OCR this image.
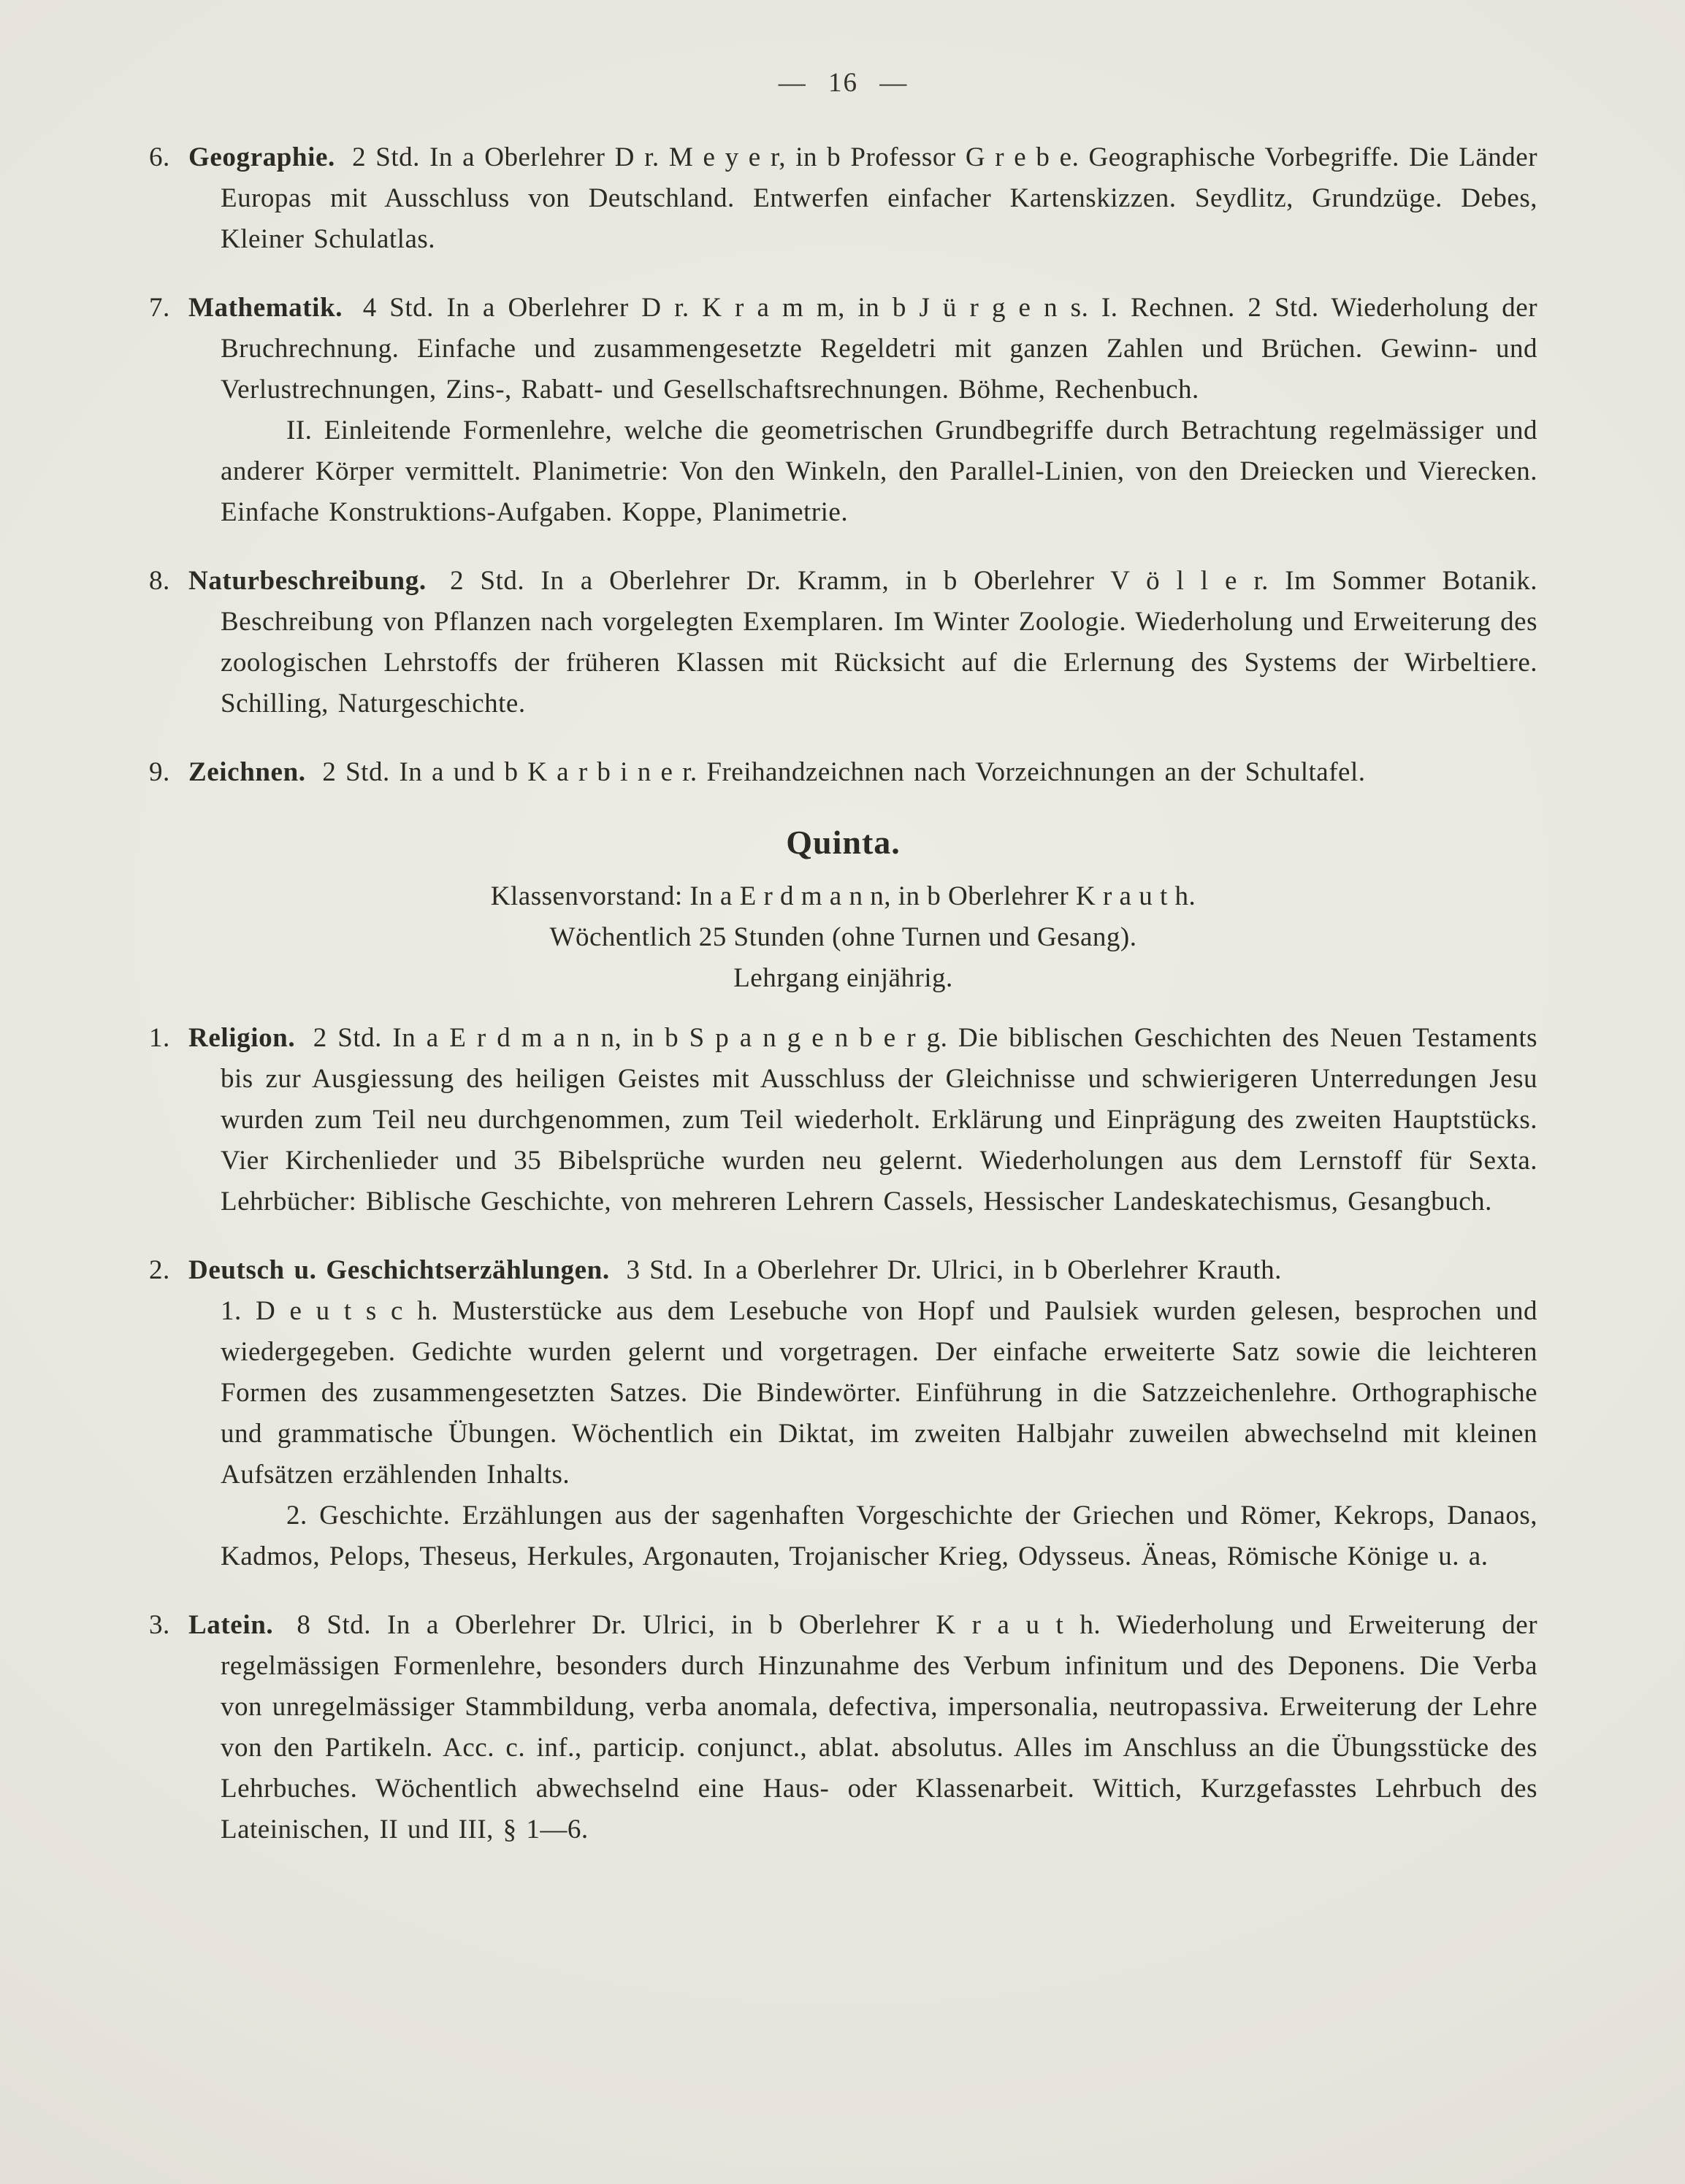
— 16 —

6. Geographie. 2 Std. In a Oberlehrer D r. M e y e r, in b Professor G r e b e. Geographische Vorbegriffe. Die Länder Europas mit Ausschluss von Deutschland. Entwerfen einfacher Kartenskizzen. Seydlitz, Grundzüge. Debes, Kleiner Schulatlas.

7. Mathematik. 4 Std. In a Oberlehrer D r. K r a m m, in b J ü r g e n s. I. Rechnen. 2 Std. Wiederholung der Bruchrechnung. Einfache und zusammengesetzte Regeldetri mit ganzen Zahlen und Brüchen. Gewinn- und Verlustrechnungen, Zins-, Rabatt- und Gesellschaftsrechnungen. Böhme, Rechenbuch.

II. Einleitende Formenlehre, welche die geometrischen Grundbegriffe durch Betrachtung regelmässiger und anderer Körper vermittelt. Planimetrie: Von den Winkeln, den Parallel-Linien, von den Dreiecken und Vierecken. Einfache Konstruktions-Aufgaben. Koppe, Planimetrie.

8. Naturbeschreibung. 2 Std. In a Oberlehrer Dr. Kramm, in b Oberlehrer V ö l l e r. Im Sommer Botanik. Beschreibung von Pflanzen nach vorgelegten Exemplaren. Im Winter Zoologie. Wiederholung und Erweiterung des zoologischen Lehrstoffs der früheren Klassen mit Rücksicht auf die Erlernung des Systems der Wirbeltiere. Schilling, Naturgeschichte.

9. Zeichnen. 2 Std. In a und b K a r b i n e r. Freihandzeichnen nach Vorzeichnungen an der Schultafel.

Quinta.

Klassenvorstand: In a E r d m a n n, in b Oberlehrer K r a u t h.

Wöchentlich 25 Stunden (ohne Turnen und Gesang).

Lehrgang einjährig.

1. Religion. 2 Std. In a E r d m a n n, in b S p a n g e n b e r g. Die biblischen Geschichten des Neuen Testaments bis zur Ausgiessung des heiligen Geistes mit Ausschluss der Gleichnisse und schwierigeren Unterredungen Jesu wurden zum Teil neu durchgenommen, zum Teil wiederholt. Erklärung und Einprägung des zweiten Hauptstücks. Vier Kirchenlieder und 35 Bibelsprüche wurden neu gelernt. Wiederholungen aus dem Lernstoff für Sexta. Lehrbücher: Biblische Geschichte, von mehreren Lehrern Cassels, Hessischer Landeskatechismus, Gesangbuch.

2. Deutsch u. Geschichtserzählungen. 3 Std. In a Oberlehrer Dr. Ulrici, in b Oberlehrer Krauth.

1. D e u t s c h. Musterstücke aus dem Lesebuche von Hopf und Paulsiek wurden gelesen, besprochen und wiedergegeben. Gedichte wurden gelernt und vorgetragen. Der einfache erweiterte Satz sowie die leichteren Formen des zusammengesetzten Satzes. Die Bindewörter. Einführung in die Satzzeichenlehre. Orthographische und grammatische Übungen. Wöchentlich ein Diktat, im zweiten Halbjahr zuweilen abwechselnd mit kleinen Aufsätzen erzählenden Inhalts.

2. Geschichte. Erzählungen aus der sagenhaften Vorgeschichte der Griechen und Römer, Kekrops, Danaos, Kadmos, Pelops, Theseus, Herkules, Argonauten, Trojanischer Krieg, Odysseus. Äneas, Römische Könige u. a.

3. Latein. 8 Std. In a Oberlehrer Dr. Ulrici, in b Oberlehrer K r a u t h. Wiederholung und Erweiterung der regelmässigen Formenlehre, besonders durch Hinzunahme des Verbum infinitum und des Deponens. Die Verba von unregelmässiger Stammbildung, verba anomala, defectiva, impersonalia, neutropassiva. Erweiterung der Lehre von den Partikeln. Acc. c. inf., particip. conjunct., ablat. absolutus. Alles im Anschluss an die Übungsstücke des Lehrbuches. Wöchentlich abwechselnd eine Haus- oder Klassenarbeit. Wittich, Kurzgefasstes Lehrbuch des Lateinischen, II und III, § 1—6.
